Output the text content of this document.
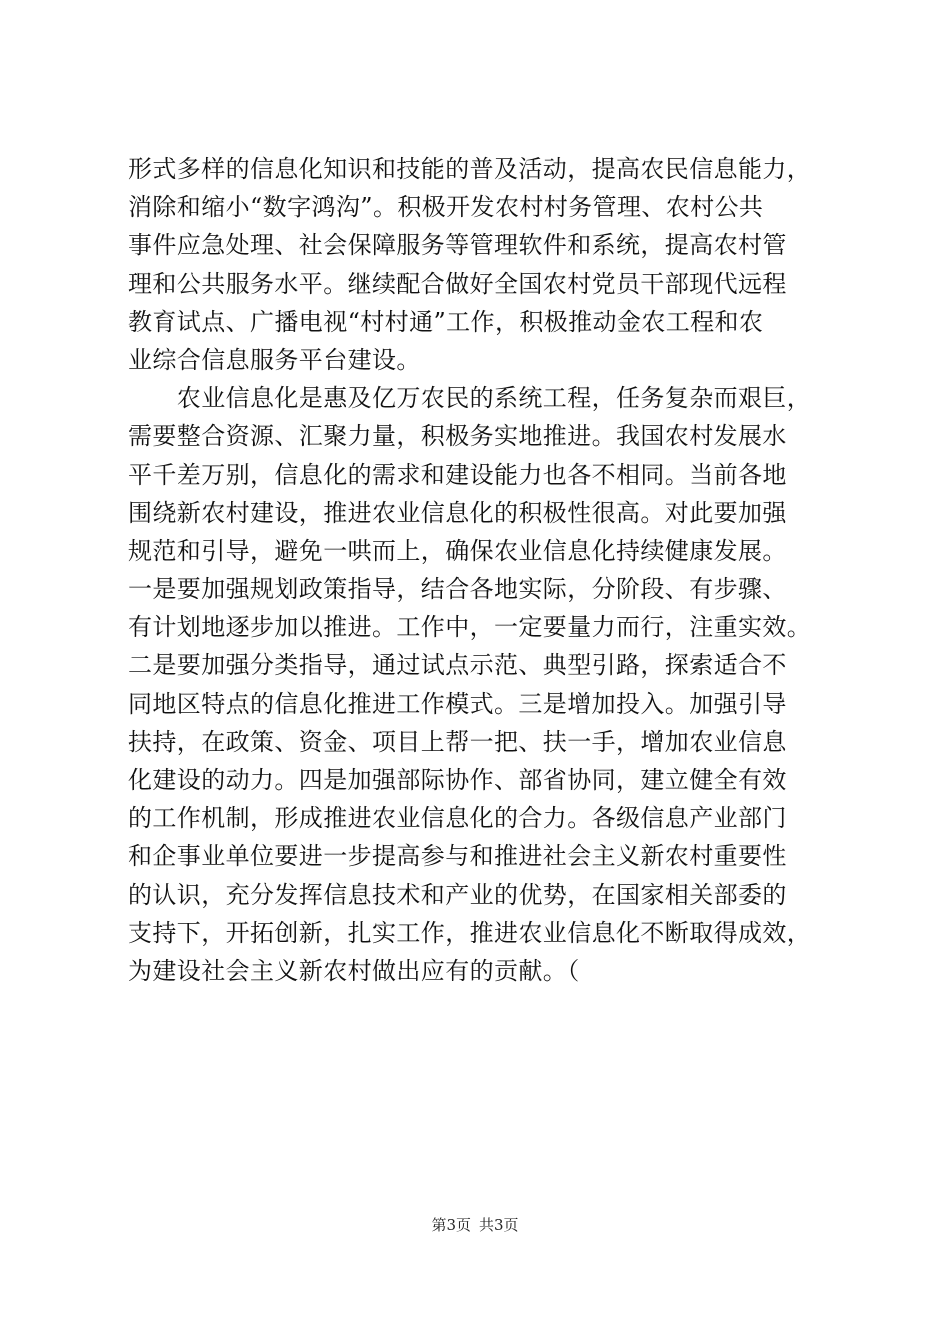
形式多样的信息化知识和技能的普及活动，提高农民信息能力，
消除和缩小“数字鸿沟”。积极开发农村村务管理、农村公共
事件应急处理、社会保障服务等管理软件和系统，提高农村管
理和公共服务水平。继续配合做好全国农村党员干部现代远程
教育试点、广播电视“村村通”工作，积极推动金农工程和农
业综合信息服务平台建设。
　　农业信息化是惠及亿万农民的系统工程，任务复杂而艰巨，
需要整合资源、汇聚力量，积极务实地推进。我国农村发展水
平千差万别，信息化的需求和建设能力也各不相同。当前各地
围绕新农村建设，推进农业信息化的积极性很高。对此要加强
规范和引导，避免一哄而上，确保农业信息化持续健康发展。
一是要加强规划政策指导，结合各地实际，分阶段、有步骤、
有计划地逐步加以推进。工作中，一定要量力而行，注重实效。
二是要加强分类指导，通过试点示范、典型引路，探索适合不
同地区特点的信息化推进工作模式。三是增加投入。加强引导
扶持，在政策、资金、项目上帮一把、扶一手，增加农业信息
化建设的动力。四是加强部际协作、部省协同，建立健全有效
的工作机制，形成推进农业信息化的合力。各级信息产业部门
和企事业单位要进一步提高参与和推进社会主义新农村重要性
的认识，充分发挥信息技术和产业的优势，在国家相关部委的
支持下，开拓创新，扎实工作，推进农业信息化不断取得成效，
为建设社会主义新农村做出应有的贡献。（
第3页 共3页
